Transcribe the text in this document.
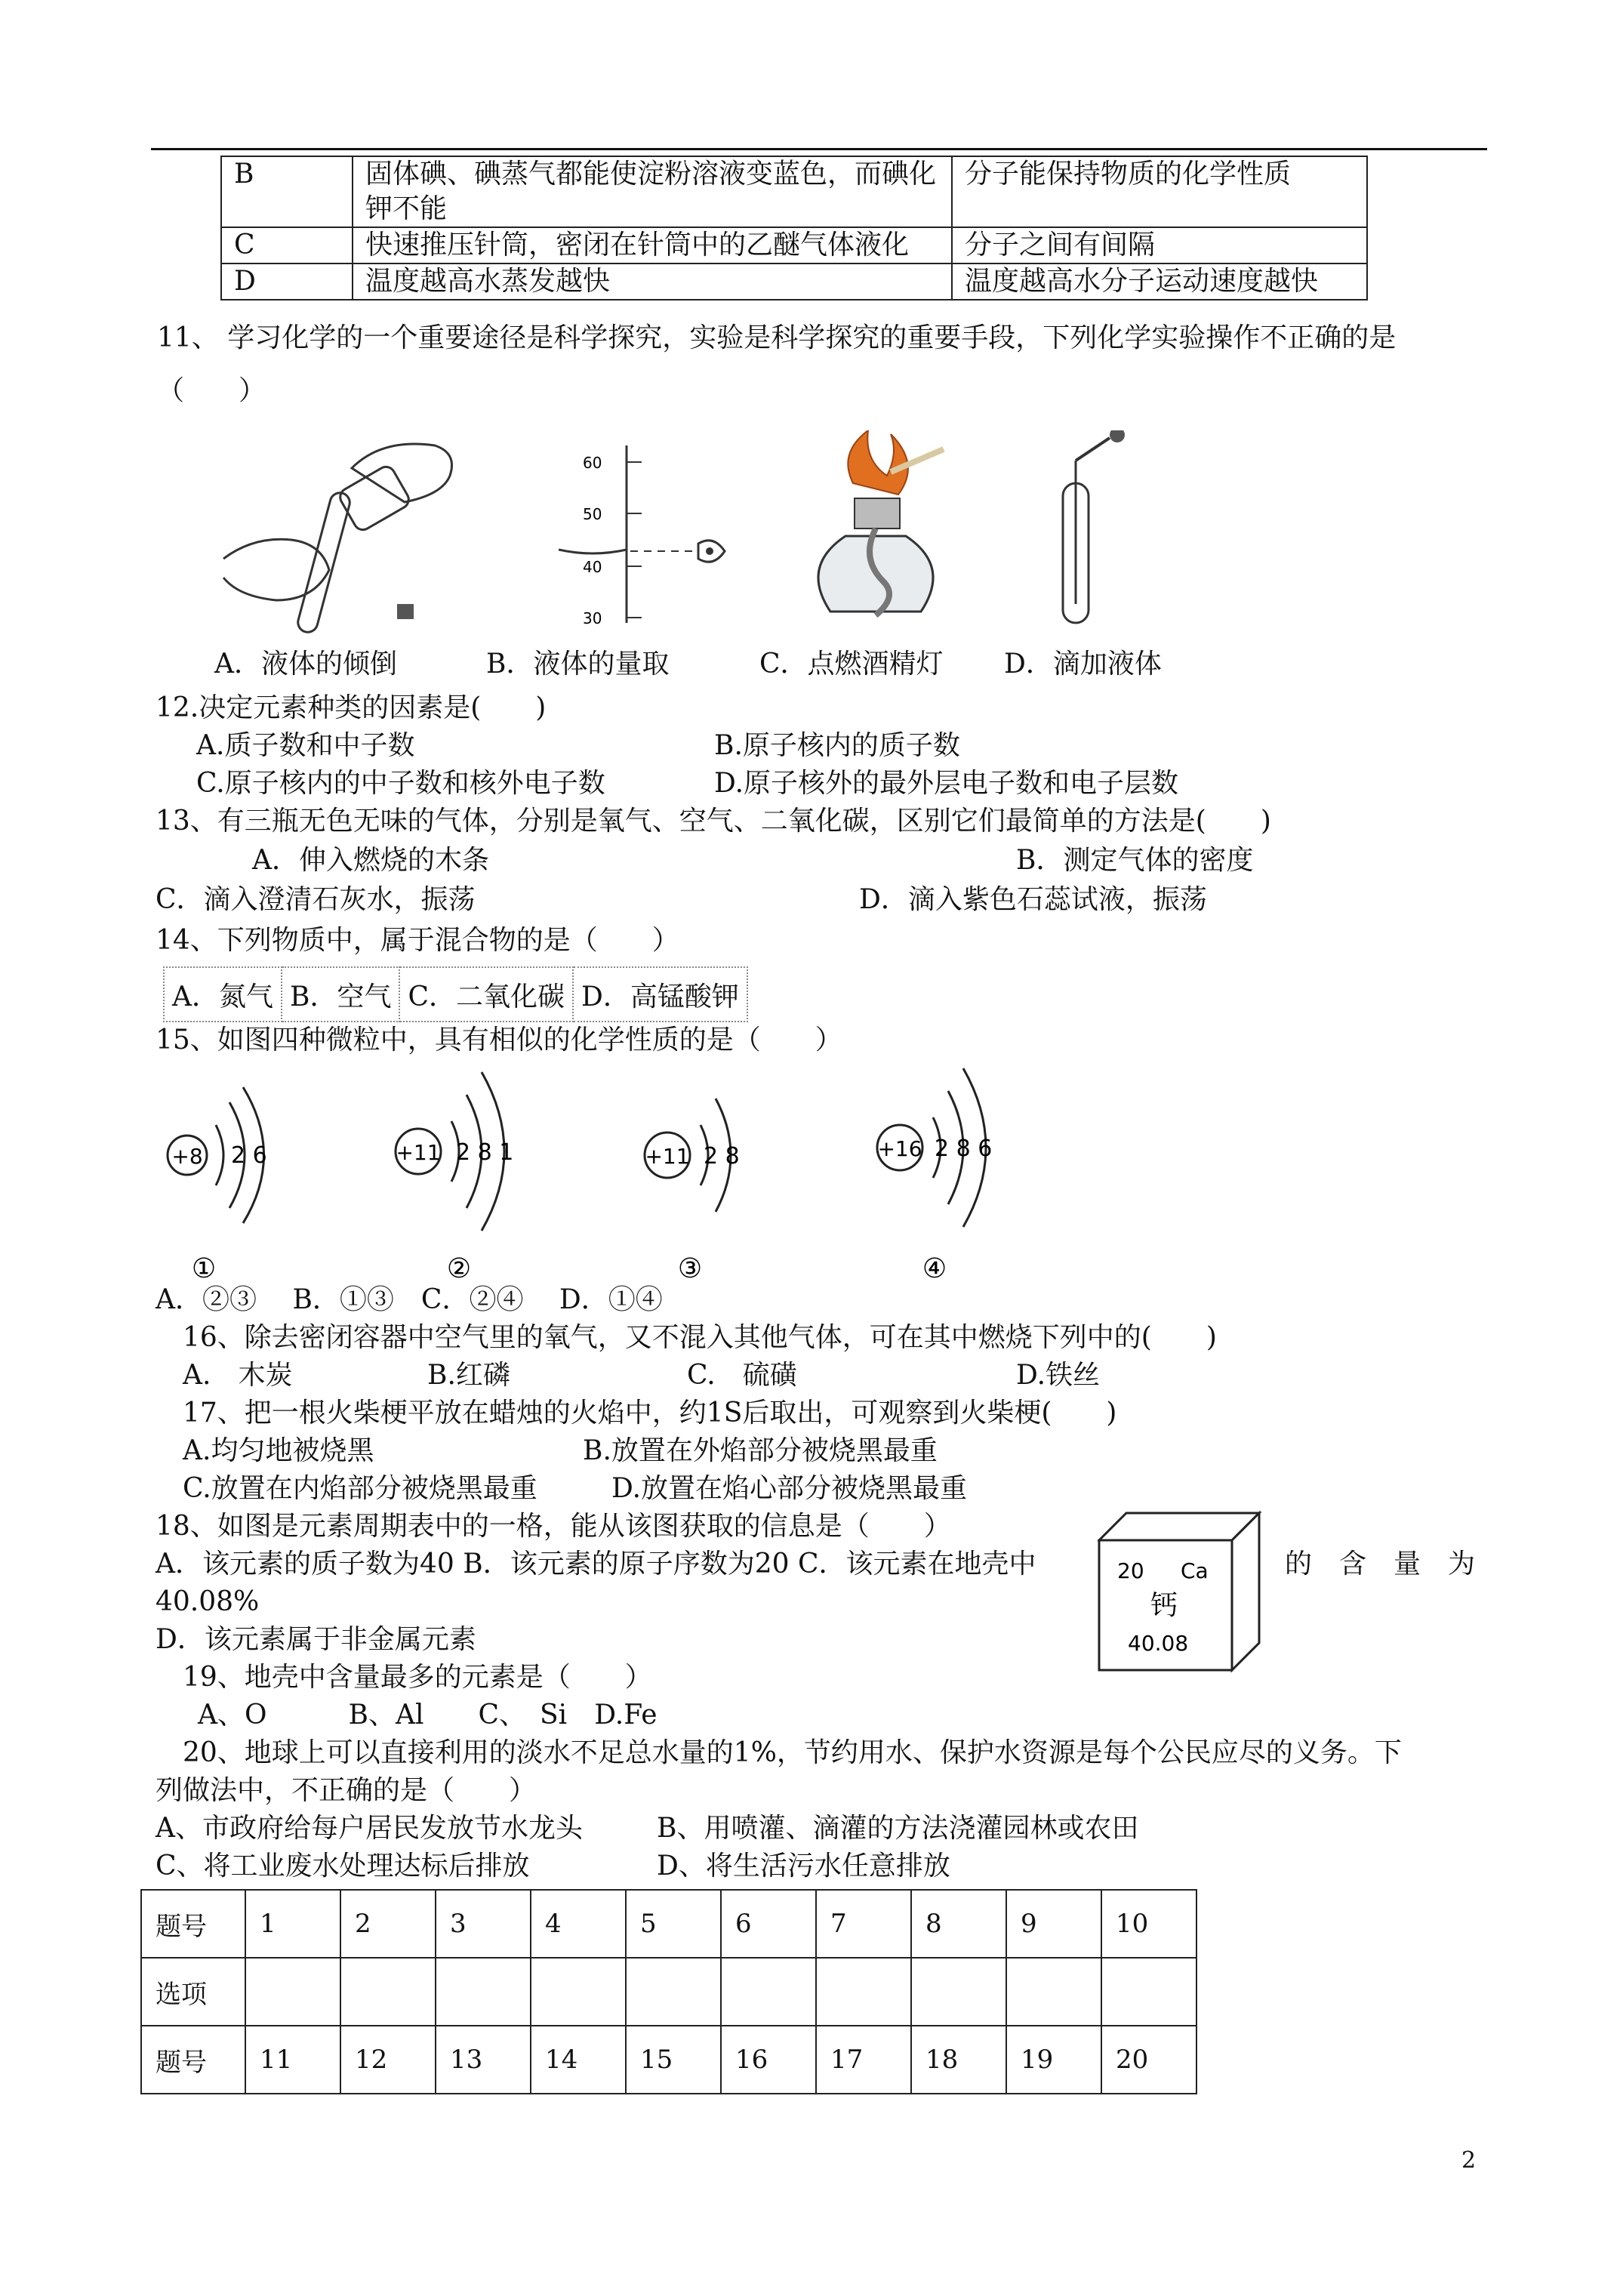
B	固体碘、碘蒸气都能使淀粉溶液变蓝色，而碘化钾不能	分子能保持物质的化学性质
C	快速推压针筒，密闭在针筒中的乙醚气体液化	分子之间有间隔
D	温度越高水蒸发越快	温度越高水分子运动速度越快
11、 学习化学的一个重要途径是科学探究，实验是科学探究的重要手段，下列化学实验操作不正确的是
（　　）
60
50
40
30
A．液体的倾倒	B．液体的量取	C．点燃酒精灯 D．滴加液体
12.决定元素种类的因素是(　　)
A.质子数和中子数	B.原子核内的质子数
C.原子核内的中子数和核外电子数	D.原子核外的最外层电子数和电子层数
13、有三瓶无色无味的气体，分别是氧气、空气、二氧化碳，区别它们最简单的方法是(　　)
A．伸入燃烧的木条	B．测定气体的密度
C．滴入澄清石灰水，振荡	D．滴入紫色石蕊试液，振荡
14、下列物质中，属于混合物的是（　　）
A．氮气	B．空气	C．二氧化碳	D．高锰酸钾
15、如图四种微粒中，具有相似的化学性质的是（　　）
+8 2 6
①
+11 2 8 1
②
+11 2 8
③
+16 2 8 6
④
A．②③　 B．①③　C．②④　 D．①④
16、除去密闭容器中空气里的氧气，又不混入其他气体，可在其中燃烧下列中的(　　)
A.　木炭	B.红磷	C.　硫磺	D.铁丝
17、把一根火柴梗平放在蜡烛的火焰中，约1S后取出，可观察到火柴梗(　　)
A.均匀地被烧黑	B.放置在外焰部分被烧黑最重
C.放置在内焰部分被烧黑最重	D.放置在焰心部分被烧黑最重
18、如图是元素周期表中的一格，能从该图获取的信息是（　　）
A．该元素的质子数为40 B．该元素的原子序数为20 C．该元素在地壳中	的　含　量　为
40.08%
D．该元素属于非金属元素
20 Ca
钙
40.08
19、地壳中含量最多的元素是（　　）
A、O　　　B、Al　　C、　Si　D.Fe
20、地球上可以直接利用的淡水不足总水量的1%，节约用水、保护水资源是每个公民应尽的义务。下
列做法中，不正确的是（　　）
A、市政府给每户居民发放节水龙头	B、用喷灌、滴灌的方法浇灌园林或农田
C、将工业废水处理达标后排放	D、将生活污水任意排放
题号	1	2	3	4	5	6	7	8	9	10
选项										
题号	11	12	13	14	15	16	17	18	19	20
2
